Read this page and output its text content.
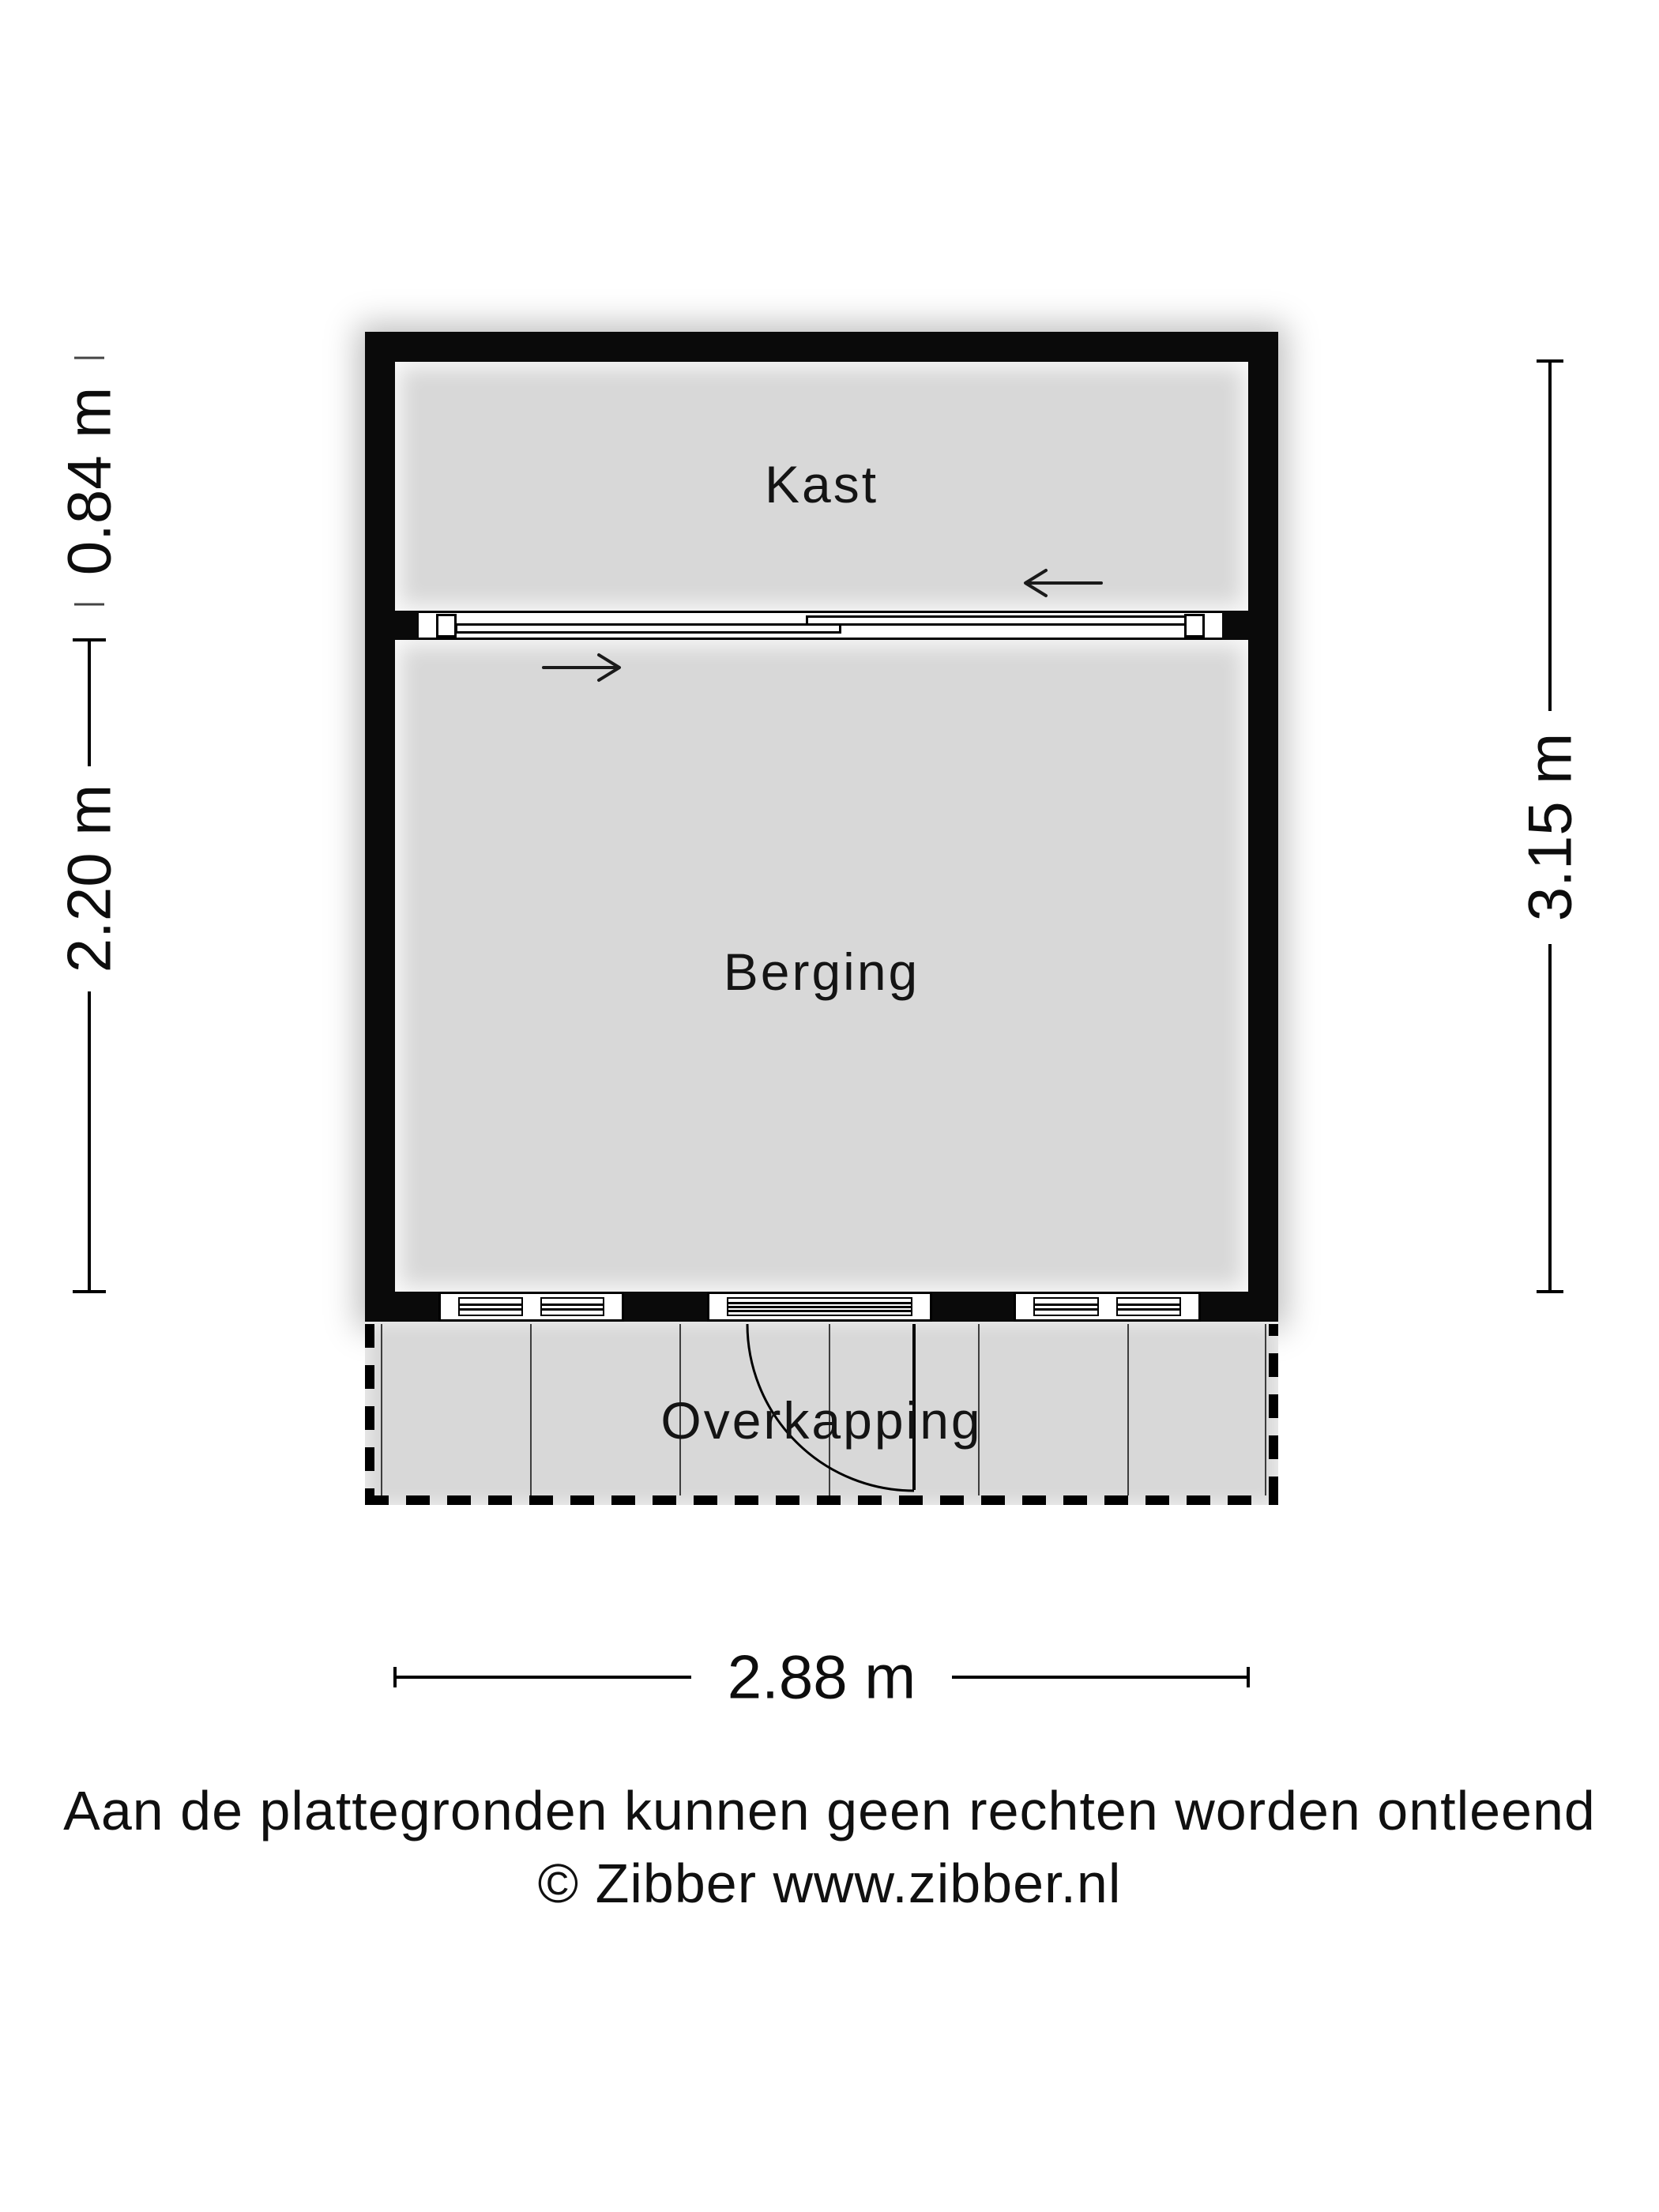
Kast
Berging
Overkapping
0.84 m
2.20 m	3.15 m
2.88 m
Aan de plattegronden kunnen geen rechten worden ontleend
© Zibber www.zibber.nl
